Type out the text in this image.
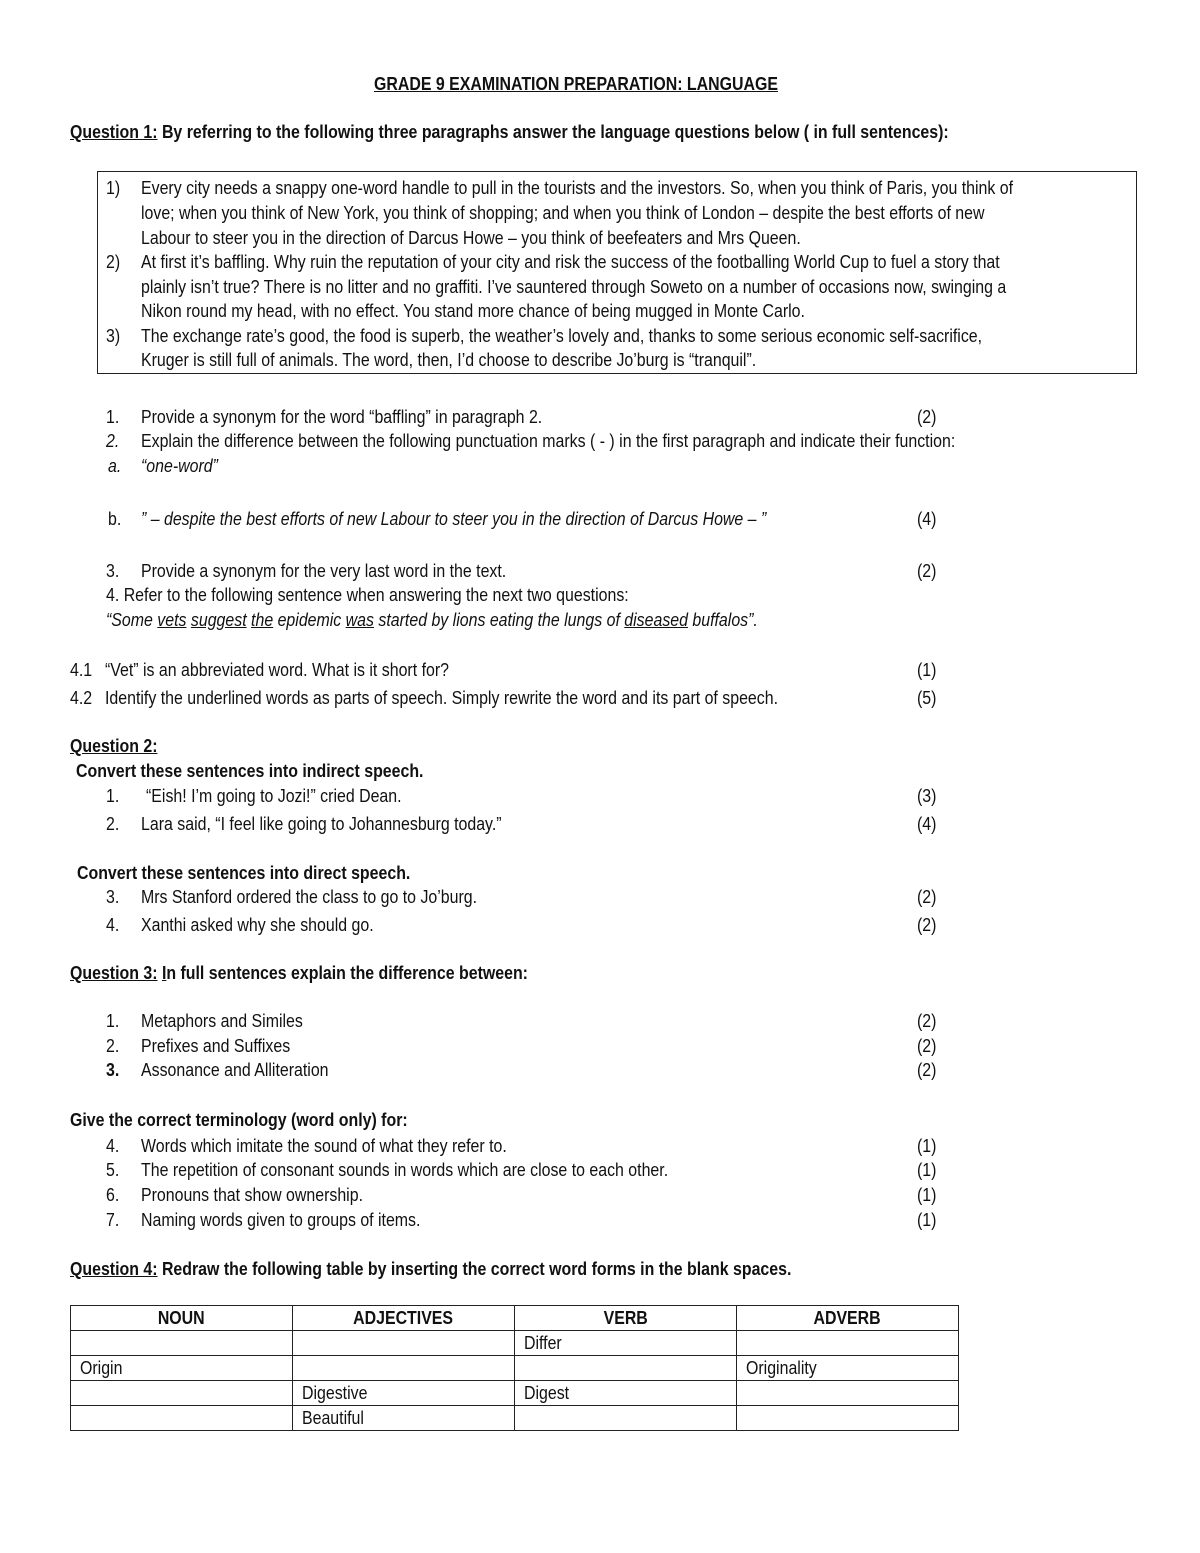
GRADE 9 EXAMINATION PREPARATION: LANGUAGE
Question 1: By referring to the following three paragraphs answer the language questions below ( in full sentences):
1) Every city needs a snappy one-word handle to pull in the tourists and the investors. So, when you think of Paris, you think of
love; when you think of New York, you think of shopping; and when you think of London – despite the best efforts of new
Labour to steer you in the direction of Darcus Howe – you think of beefeaters and Mrs Queen.
2) At first it’s baffling. Why ruin the reputation of your city and risk the success of the footballing World Cup to fuel a story that
plainly isn’t true? There is no litter and no graffiti. I’ve sauntered through Soweto on a number of occasions now, swinging a
Nikon round my head, with no effect. You stand more chance of being mugged in Monte Carlo.
3) The exchange rate’s good, the food is superb, the weather’s lovely and, thanks to some serious economic self-sacrifice,
Kruger is still full of animals. The word, then, I’d choose to describe Jo’burg is “tranquil”.
1. Provide a synonym for the word “baffling” in paragraph 2.	(2)
2. Explain the difference between the following punctuation marks ( - ) in the first paragraph and indicate their function:
a. “one-word”
b. ” – despite the best efforts of new Labour to steer you in the direction of Darcus Howe – ”	(4)
3. Provide a synonym for the very last word in the text.	(2)
4. Refer to the following sentence when answering the next two questions:
“Some vets suggest the epidemic was started by lions eating the lungs of diseased buffalos”.
4.1 “Vet” is an abbreviated word. What is it short for?	(1)
4.2 Identify the underlined words as parts of speech. Simply rewrite the word and its part of speech.	(5)
Question 2:
Convert these sentences into indirect speech.
1. “Eish! I’m going to Jozi!” cried Dean.	(3)
2. Lara said, “I feel like going to Johannesburg today.”	(4)
Convert these sentences into direct speech.
3. Mrs Stanford ordered the class to go to Jo’burg.	(2)
4. Xanthi asked why she should go.	(2)
Question 3: In full sentences explain the difference between:
1. Metaphors and Similes	(2)
2. Prefixes and Suffixes	(2)
3. Assonance and Alliteration	(2)
Give the correct terminology (word only) for:
4. Words which imitate the sound of what they refer to.	(1)
5. The repetition of consonant sounds in words which are close to each other.	(1)
6. Pronouns that show ownership.	(1)
7. Naming words given to groups of items.	(1)
Question 4: Redraw the following table by inserting the correct word forms in the blank spaces.
NOUN	ADJECTIVES	VERB	ADVERB
		Differ	
Origin			Originality
	Digestive	Digest	
	Beautiful		
